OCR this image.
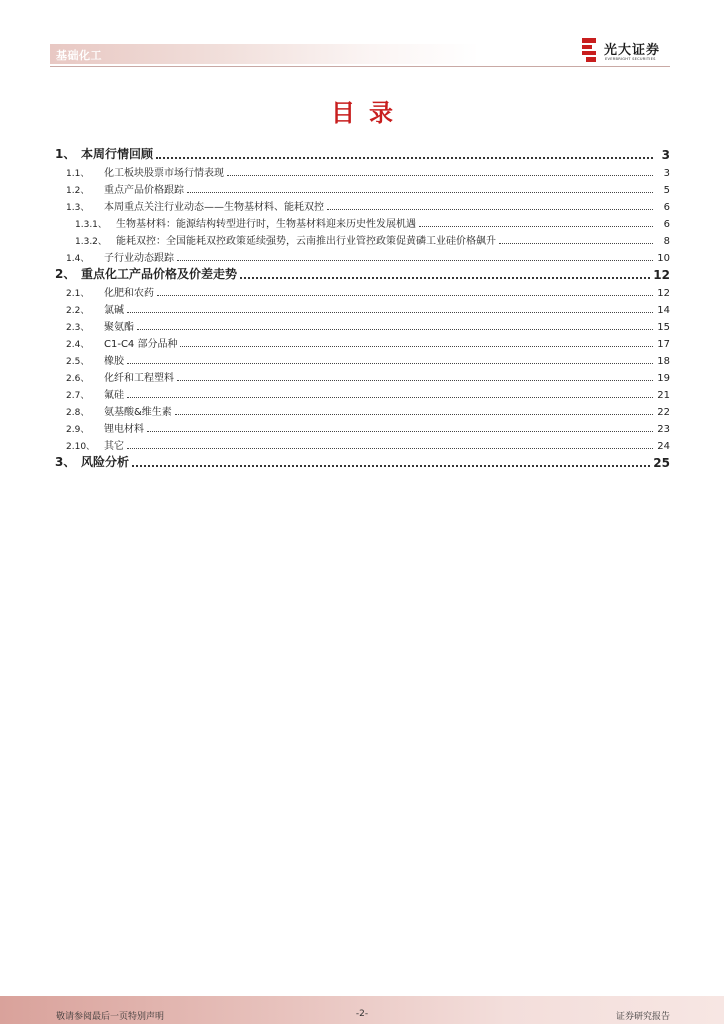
基础化工	光大证券
EVERBRIGHT SECURITIES
目录
1、 本周行情回顾	3
1.1、	化工板块股票市场行情表现	3
1.2、	重点产品价格跟踪	5
1.3、	本周重点关注行业动态——生物基材料、能耗双控	6
1.3.1、 生物基材料：能源结构转型进行时，生物基材料迎来历史性发展机遇	6
1.3.2、 能耗双控：全国能耗双控政策延续强势，云南推出行业管控政策促黄磷工业硅价格飙升	8
1.4、	子行业动态跟踪	10
2、 重点化工产品价格及价差走势	12
2.1、	化肥和农药	12
2.2、	氯碱	14
2.3、	聚氨酯	15
2.4、	C1-C4 部分品种	17
2.5、	橡胶	18
2.6、	化纤和工程塑料	19
2.7、	氟硅	21
2.8、	氨基酸&维生素	22
2.9、	锂电材料	23
2.10、 其它	24
3、 风险分析	25
敬请参阅最后一页特别声明	-2-	证券研究报告
